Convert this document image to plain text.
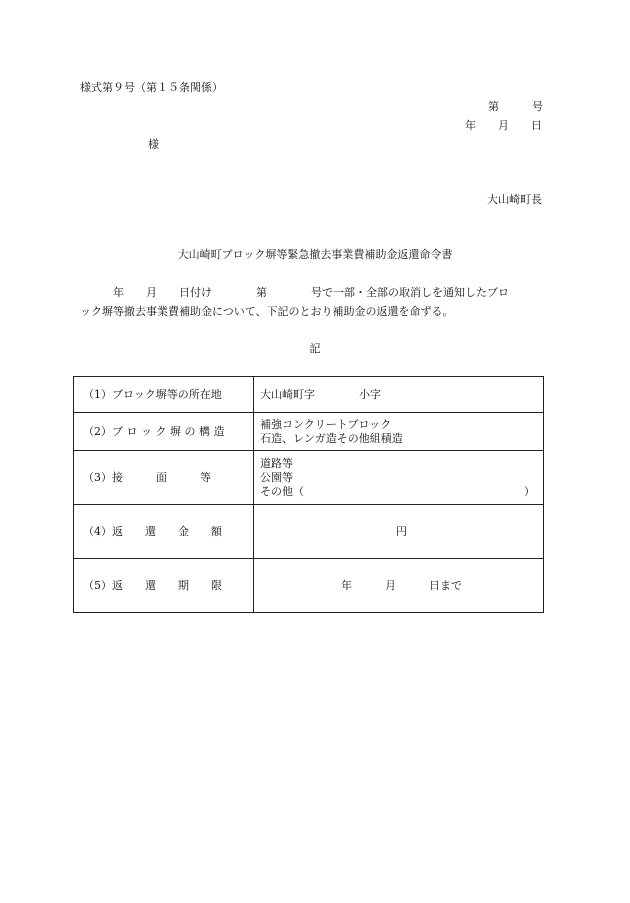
様式第９号（第１５条関係）
第　　　号
年　　月　　日
様
大山崎町長
大山崎町ブロック塀等緊急撤去事業費補助金返還命令書
　　　年　　月　　日付け　　　　第　　　　号で一部・全部の取消しを通知したブロ
ック塀等撤去事業費補助金について、下記のとおり補助金の返還を命ずる。
記
（1）ブロック塀等の所在地	大山崎町字　　　　小字

（2）ブ ロ ッ ク 塀 の 構 造	補強コンクリートブロック
石造、レンガ造その他組積造

（3）接　　　面　　　等	道路等
公園等
その他（　　　　　　　　　　　　　　　　　　　　）

（4）返　　還　　金　　額	円

（5）返　　還　　期　　限	年　　　月　　　日まで
